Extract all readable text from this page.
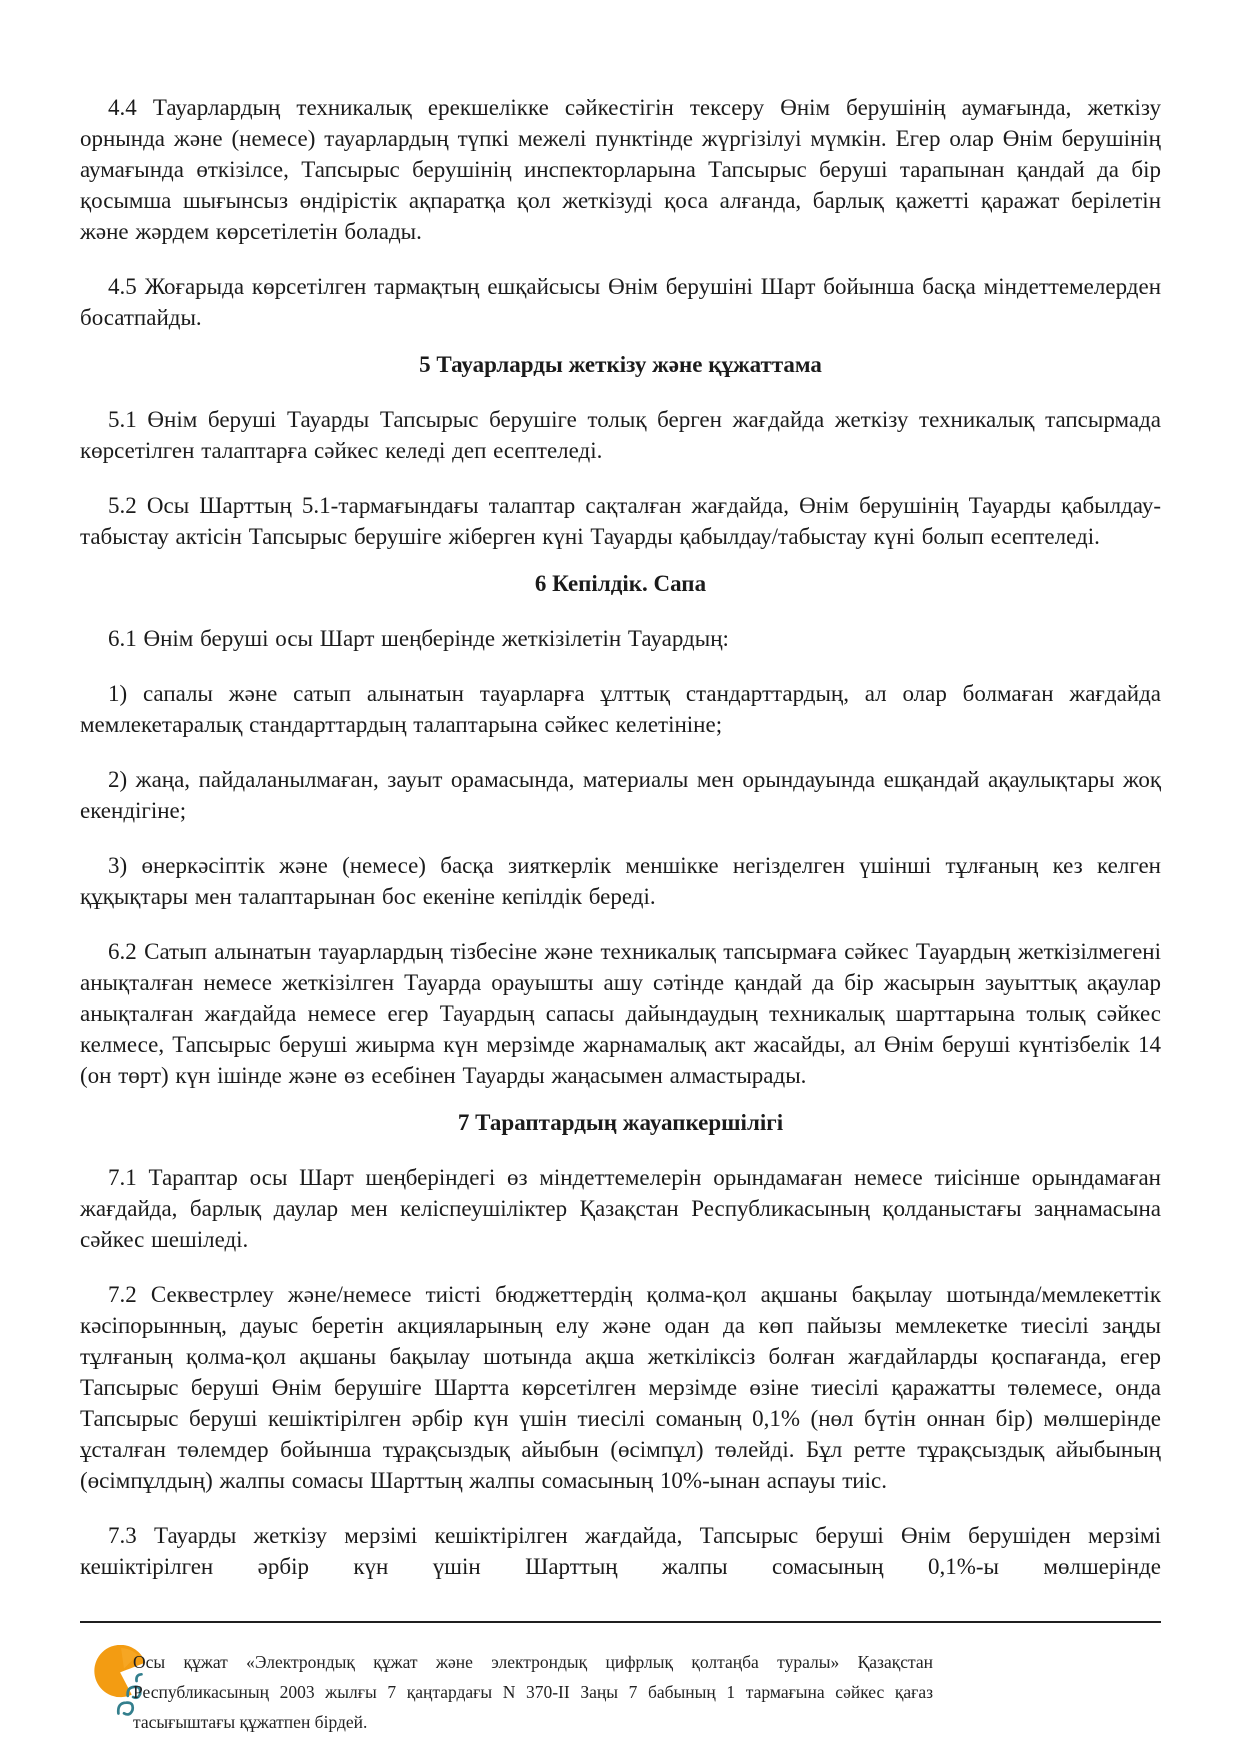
4.4 Тауарлардың техникалық ерекшелікке сәйкестігін тексеру Өнім берушінің аумағында, жеткізу орнында және (немесе) тауарлардың түпкі межелі пунктінде жүргізілуі мүмкін. Егер олар Өнім берушінің аумағында өткізілсе, Тапсырыс берушінің инспекторларына Тапсырыс беруші тарапынан қандай да бір қосымша шығынсыз өндірістік ақпаратқа қол жеткізуді қоса алғанда, барлық қажетті қаражат берілетін және жәрдем көрсетілетін болады.

4.5 Жоғарыда көрсетілген тармақтың ешқайсысы Өнім берушіні Шарт бойынша басқа міндеттемелерден босатпайды.

5 Тауарларды жеткізу және құжаттама

5.1 Өнім беруші Тауарды Тапсырыс берушіге толық берген жағдайда жеткізу техникалық тапсырмада көрсетілген талаптарға сәйкес келеді деп есептеледі.

5.2 Осы Шарттың 5.1-тармағындағы талаптар сақталған жағдайда, Өнім берушінің Тауарды қабылдау-табыстау актісін Тапсырыс берушіге жіберген күні Тауарды қабылдау/табыстау күні болып есептеледі.

6 Кепілдік. Сапа

6.1 Өнім беруші осы Шарт шеңберінде жеткізілетін Тауардың:

1) сапалы және сатып алынатын тауарларға ұлттық стандарттардың, ал олар болмаған жағдайда мемлекетаралық стандарттардың талаптарына сәйкес келетініне;

2) жаңа, пайдаланылмаған, зауыт орамасында, материалы мен орындауында ешқандай ақаулықтары жоқ екендігіне;

3) өнеркәсіптік және (немесе) басқа зияткерлік меншікке негізделген үшінші тұлғаның кез келген құқықтары мен талаптарынан бос екеніне кепілдік береді.

6.2 Сатып алынатын тауарлардың тізбесіне және техникалық тапсырмаға сәйкес Тауардың жеткізілмегені анықталған немесе жеткізілген Тауарда орауышты ашу сәтінде қандай да бір жасырын зауыттық ақаулар анықталған жағдайда немесе егер Тауардың сапасы дайындаудың техникалық шарттарына толық сәйкес келмесе, Тапсырыс беруші жиырма күн мерзімде жарнамалық акт жасайды, ал Өнім беруші күнтізбелік 14 (он төрт) күн ішінде және өз есебінен Тауарды жаңасымен алмастырады.

7 Тараптардың жауапкершілігі

7.1 Тараптар осы Шарт шеңберіндегі өз міндеттемелерін орындамаған немесе тиісінше орындамаған жағдайда, барлық даулар мен келіспеушіліктер Қазақстан Республикасының қолданыстағы заңнамасына сәйкес шешіледі.

7.2 Секвестрлеу және/немесе тиісті бюджеттердің қолма-қол ақшаны бақылау шотында/мемлекеттік кәсіпорынның, дауыс беретін акцияларының елу және одан да көп пайызы мемлекетке тиесілі заңды тұлғаның қолма-қол ақшаны бақылау шотында ақша жеткіліксіз болған жағдайларды қоспағанда, егер Тапсырыс беруші Өнім берушіге Шартта көрсетілген мерзімде өзіне тиесілі қаражатты төлемесе, онда Тапсырыс беруші кешіктірілген әрбір күн үшін тиесілі соманың 0,1% (нөл бүтін оннан бір) мөлшерінде ұсталған төлемдер бойынша тұрақсыздық айыбын (өсімпұл) төлейді. Бұл ретте тұрақсыздық айыбының (өсімпұлдың) жалпы сомасы Шарттың жалпы сомасының 10%-ынан аспауы тиіс.

7.3 Тауарды жеткізу мерзімі кешіктірілген жағдайда, Тапсырыс беруші Өнім берушіден мерзімі кешіктірілген әрбір күн үшін Шарттың жалпы сомасының 0,1%-ы мөлшерінде

Осы құжат «Электрондық құжат және электрондық цифрлық қолтаңба туралы» Қазақстан Республикасының 2003 жылғы 7 қаңтардағы N 370-II Заңы 7 бабының 1 тармағына сәйкес қағаз тасығыштағы құжатпен бірдей.
